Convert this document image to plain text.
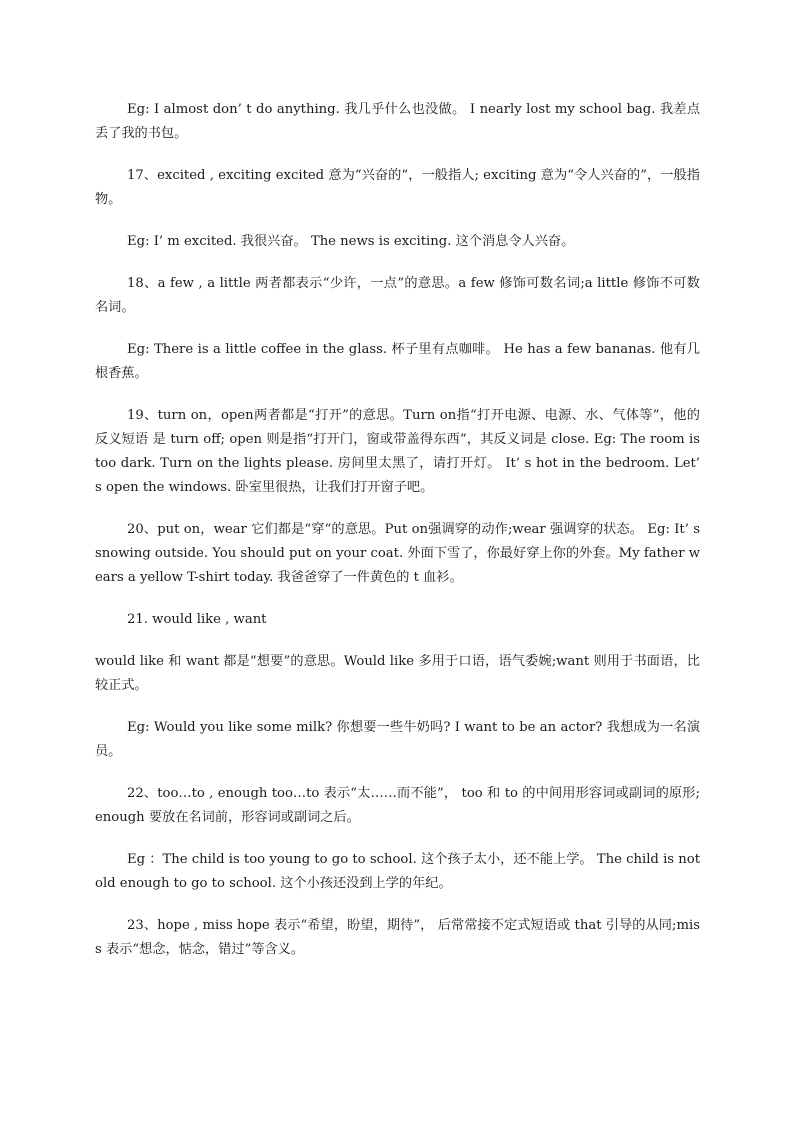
Eg: I almost don’ t do anything. 我几乎什么也没做。 I nearly lost my school bag. 我差点丢了我的书包。

17、excited , exciting excited 意为“兴奋的“，一般指人; exciting 意为“令人兴奋的”，一般指物。

Eg: I’ m excited. 我很兴奋。 The news is exciting. 这个消息令人兴奋。

18、a few , a little 两者都表示“少许，一点”的意思。a few 修饰可数名词;a little 修饰不可数名词。

Eg: There is a little coffee in the glass. 杯子里有点咖啡。 He has a few bananas. 他有几根香蕉。

19、turn on，open两者都是“打开”的意思。Turn on指“打开电源、电源、水、气体等”，他的反义短语 是 turn off; open 则是指“打开门，窗或带盖得东西“，其反义词是 close. Eg: The room is too dark. Turn on the lights please. 房间里太黑了，请打开灯。 It’ s hot in the bedroom. Let’ s open the windows. 卧室里很热，让我们打开窗子吧。

20、put on，wear 它们都是“穿“的意思。Put on强调穿的动作;wear 强调穿的状态。 Eg: It’ s snowing outside. You should put on your coat. 外面下雪了，你最好穿上你的外套。My father wears a yellow T-shirt today. 我爸爸穿了一件黄色的 t 血衫。

21. would like , want

would like 和 want 都是“想要”的意思。Would like 多用于口语，语气委婉;want 则用于书面语，比较正式。

Eg: Would you like some milk? 你想要一些牛奶吗? I want to be an actor? 我想成为一名演员。

22、too…to , enough too…to 表示“太……而不能”， too 和 to 的中间用形容词或副词的原形; enough 要放在名词前，形容词或副词之后。

Eg ：The child is too young to go to school. 这个孩子太小，还不能上学。 The child is not old enough to go to school. 这个小孩还没到上学的年纪。

23、hope , miss hope 表示“希望，盼望，期待”， 后常常接不定式短语或 that 引导的从同;miss 表示“想念，惦念，错过”等含义。
